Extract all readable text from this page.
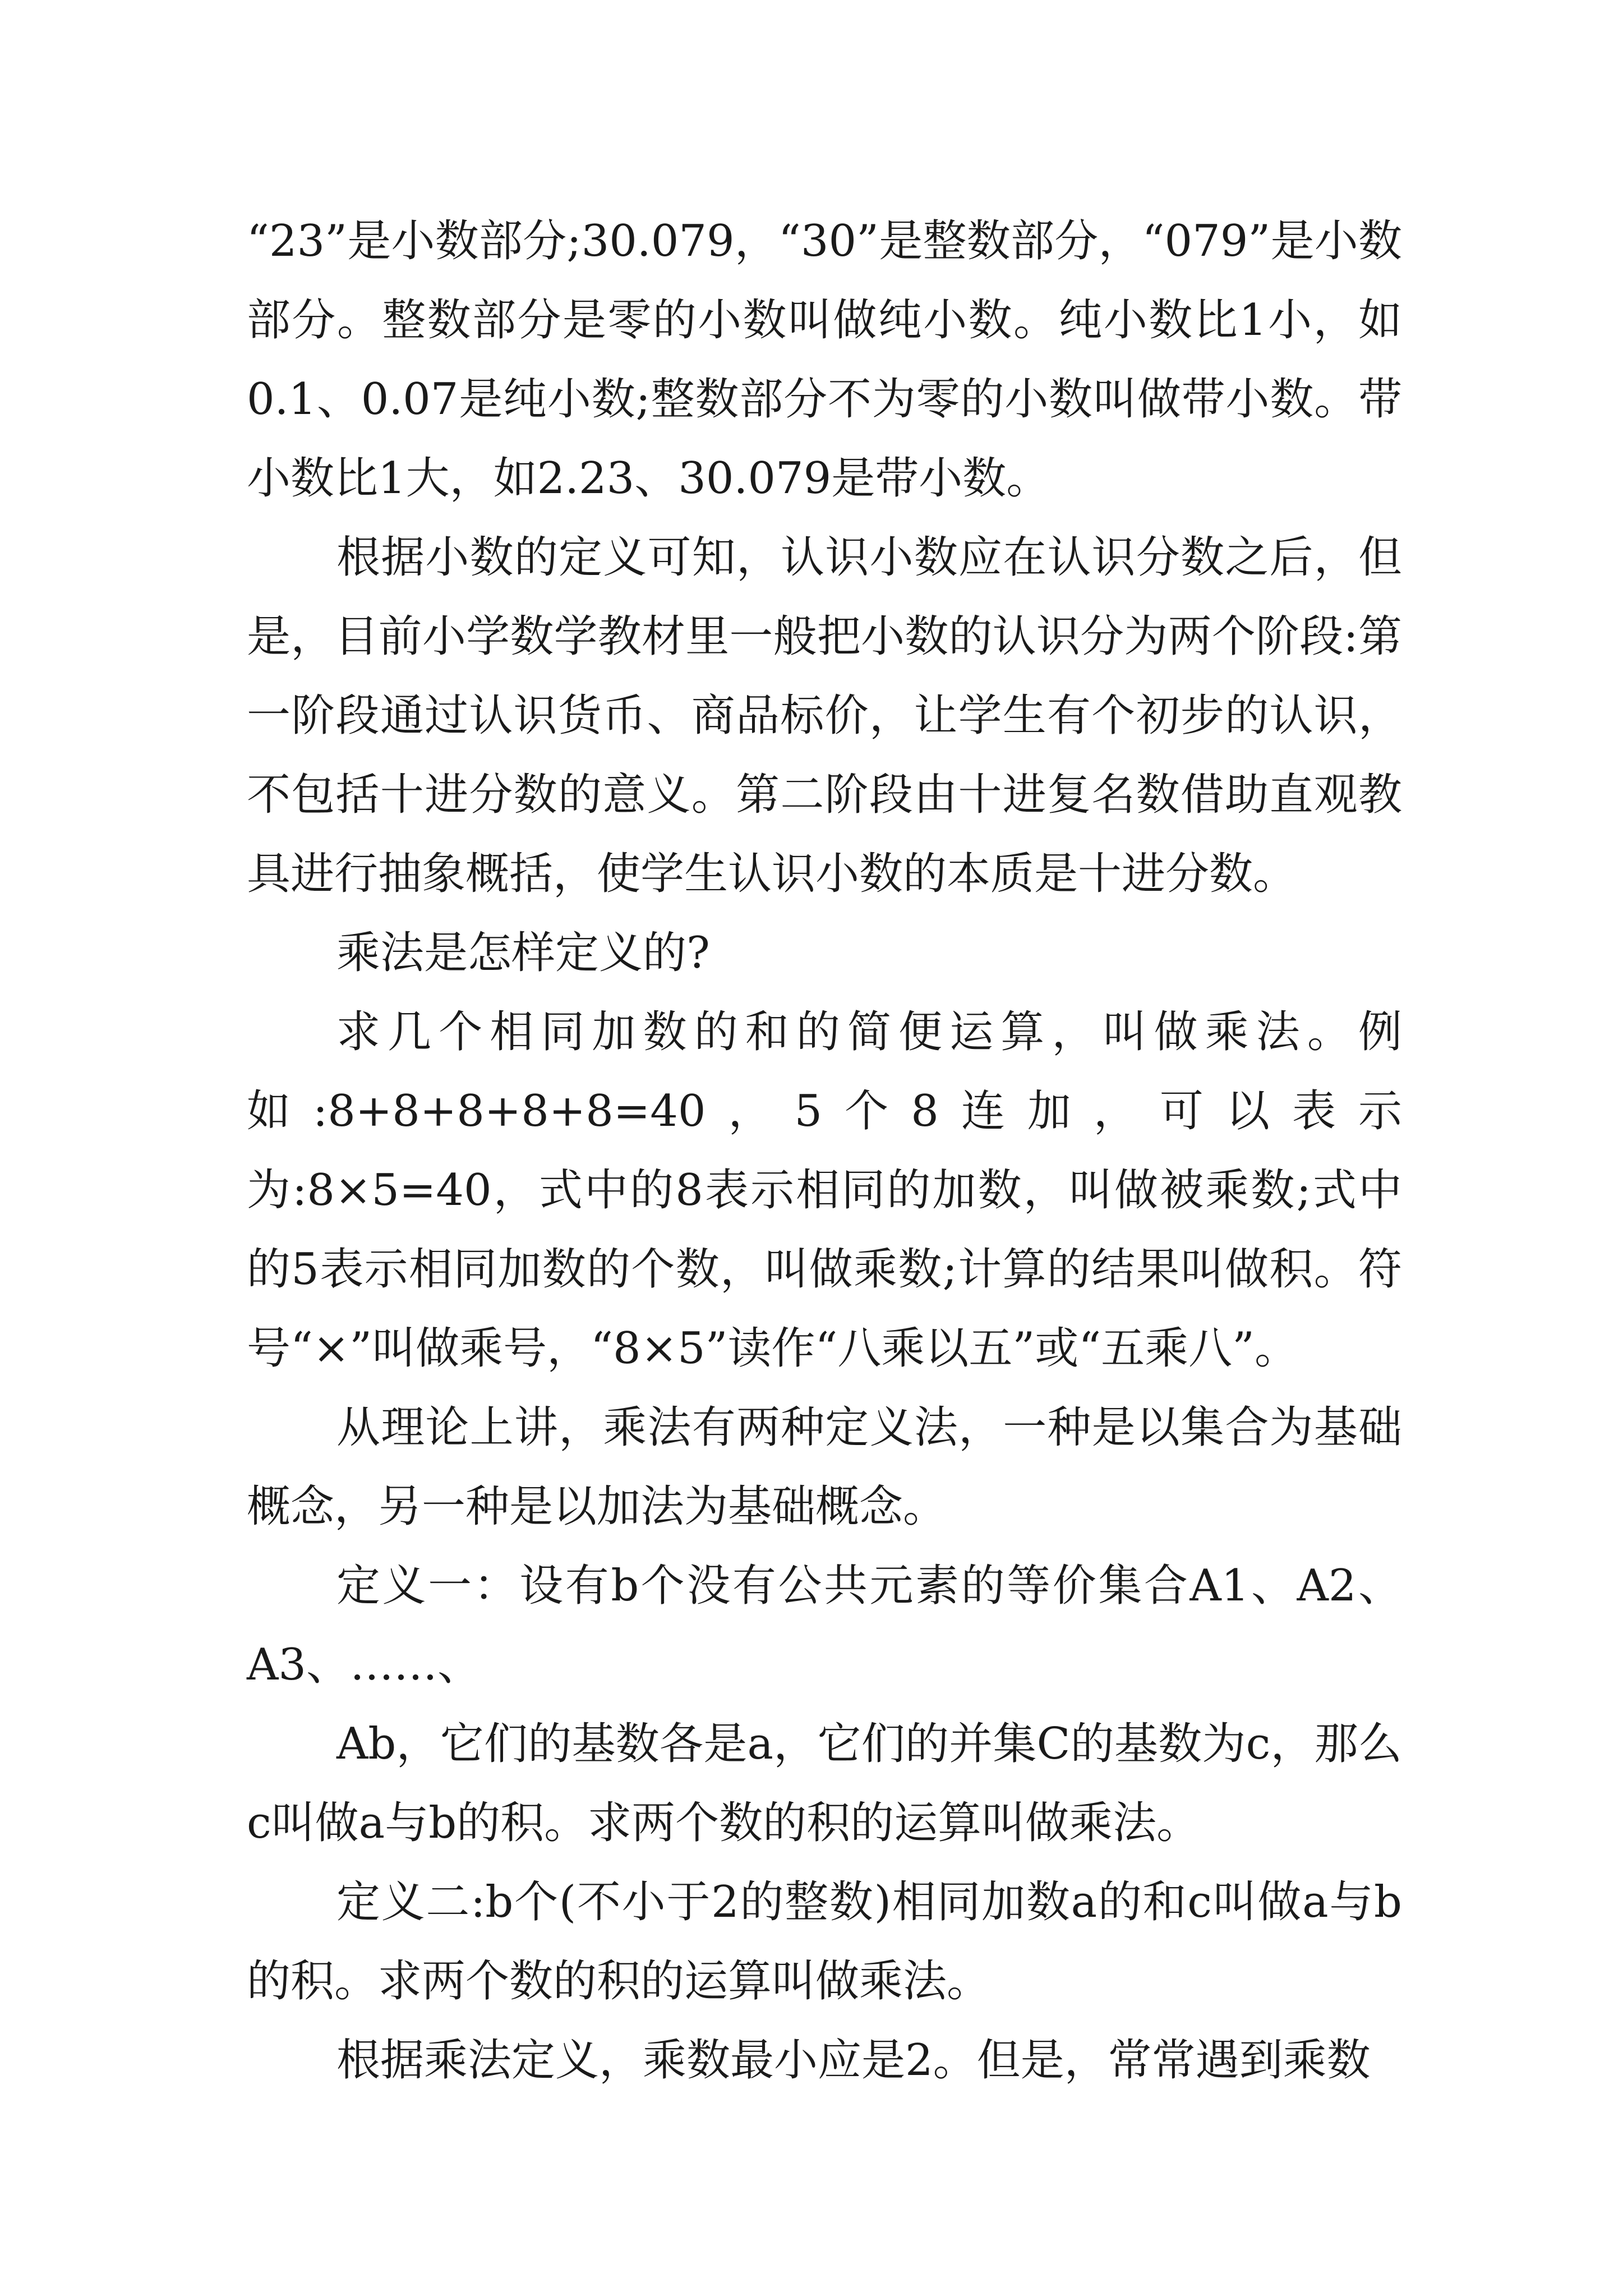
“23”是小数部分;30.079，“30”是整数部分，“079”是小数部分。整数部分是零的小数叫做纯小数。纯小数比1小，如0.1、0.07是纯小数;整数部分不为零的小数叫做带小数。带小数比1大，如2.23、30.079是带小数。

根据小数的定义可知，认识小数应在认识分数之后，但是，目前小学数学教材里一般把小数的认识分为两个阶段:第一阶段通过认识货币、商品标价，让学生有个初步的认识，不包括十进分数的意义。第二阶段由十进复名数借助直观教具进行抽象概括，使学生认识小数的本质是十进分数。

乘法是怎样定义的?

求几个相同加数的和的简便运算，叫做乘法。例如:8+8+8+8+8=40，5个8连加，可以表示为:8×5=40，式中的8表示相同的加数，叫做被乘数;式中的5表示相同加数的个数，叫做乘数;计算的结果叫做积。符号“×”叫做乘号，“8×5”读作“八乘以五”或“五乘八”。

从理论上讲，乘法有两种定义法，一种是以集合为基础概念，另一种是以加法为基础概念。

定义一：设有b个没有公共元素的等价集合A1、A2、A3、……、

Ab，它们的基数各是a，它们的并集C的基数为c，那么c叫做a与b的积。求两个数的积的运算叫做乘法。

定义二:b个(不小于2的整数)相同加数a的和c叫做a与b的积。求两个数的积的运算叫做乘法。

根据乘法定义，乘数最小应是2。但是，常常遇到乘数
